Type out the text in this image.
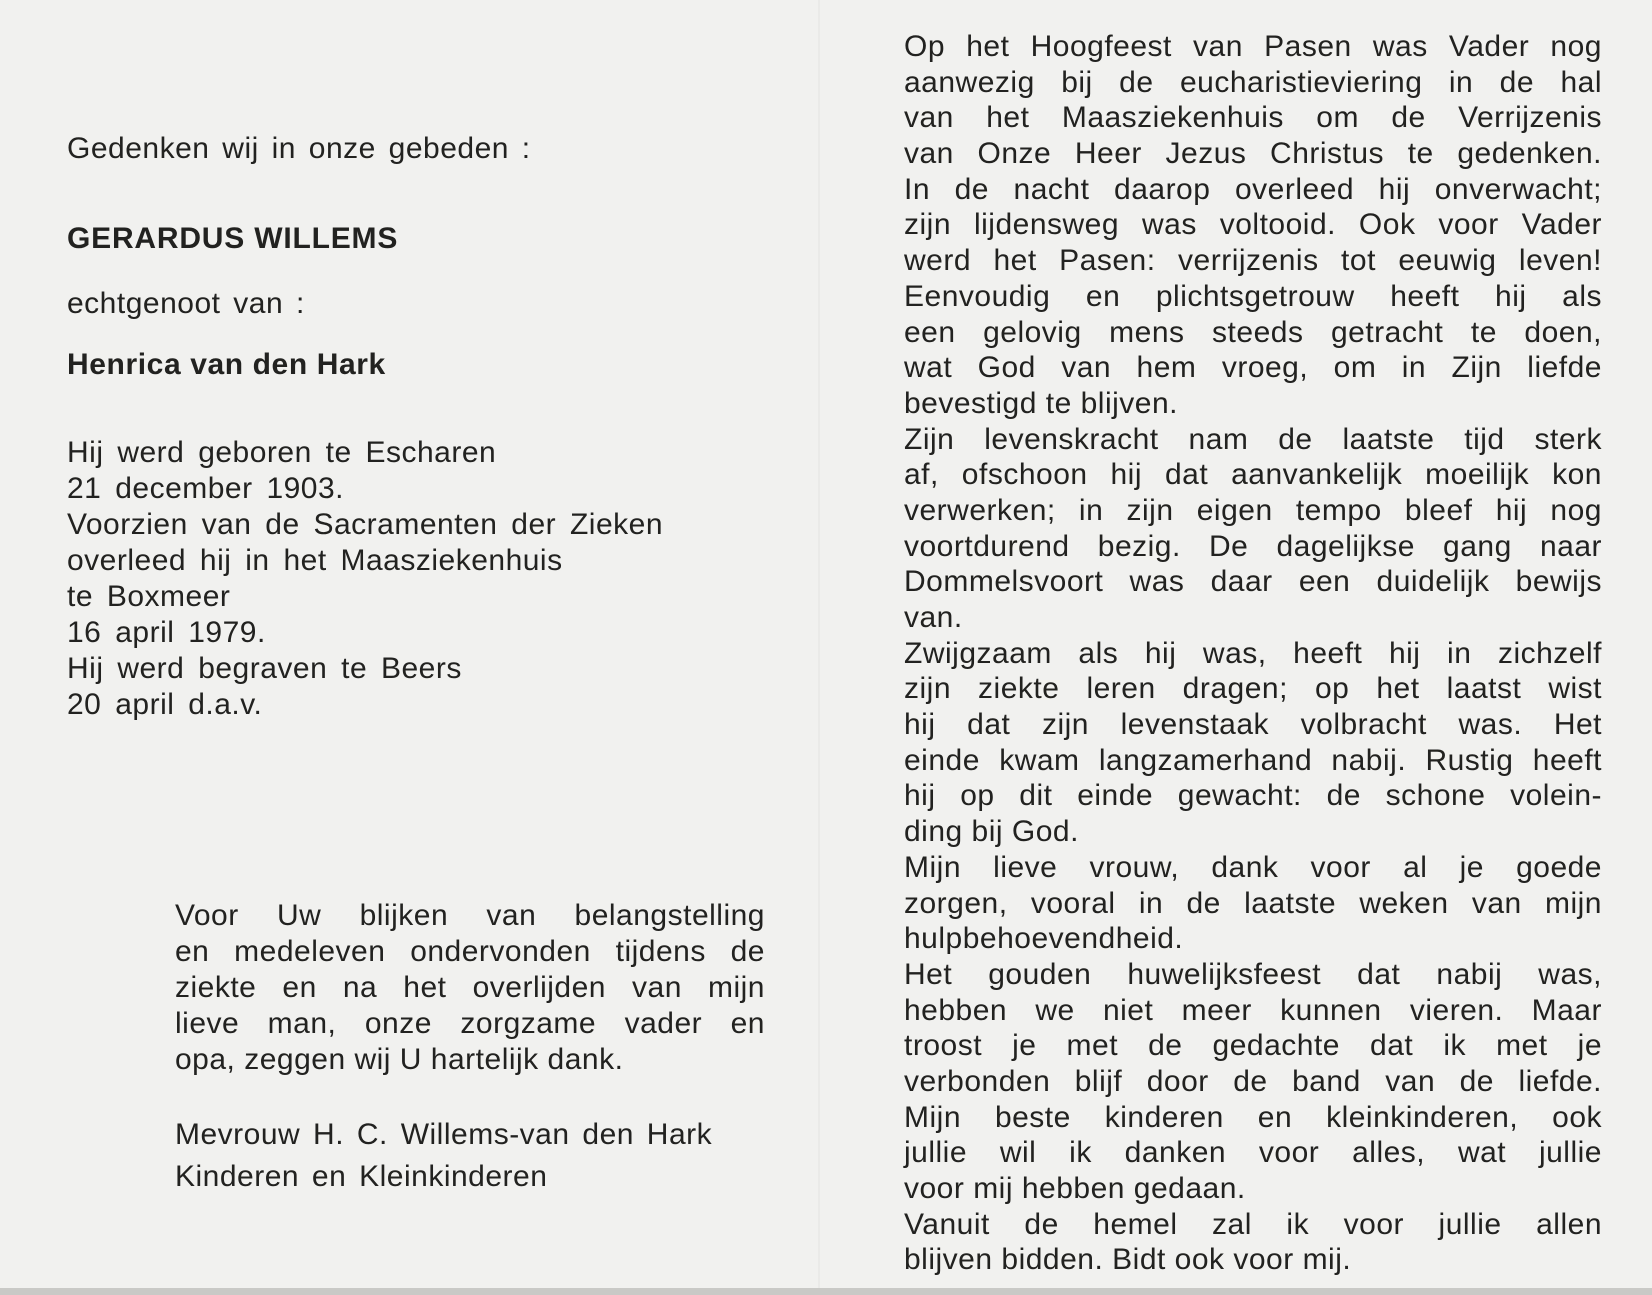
Gedenken wij in onze gebeden :
GERARDUS WILLEMS
echtgenoot van :
Henrica van den Hark
Hij werd geboren te Escharen
21 december 1903.
Voorzien van de Sacramenten der Zieken
overleed hij in het Maasziekenhuis
te Boxmeer
16 april 1979.
Hij werd begraven te Beers
20 april d.a.v.
Voor Uw blijken van belangstelling
en medeleven ondervonden tijdens de
ziekte en na het overlijden van mijn
lieve man, onze zorgzame vader en
opa, zeggen wij U hartelijk dank.
Mevrouw H. C. Willems-van den Hark
Kinderen en Kleinkinderen
Op het Hoogfeest van Pasen was Vader nog
aanwezig bij de eucharistieviering in de hal
van het Maasziekenhuis om de Verrijzenis
van Onze Heer Jezus Christus te gedenken.
In de nacht daarop overleed hij onverwacht;
zijn lijdensweg was voltooid. Ook voor Vader
werd het Pasen: verrijzenis tot eeuwig leven!
Eenvoudig en plichtsgetrouw heeft hij als
een gelovig mens steeds getracht te doen,
wat God van hem vroeg, om in Zijn liefde
bevestigd te blijven.
Zijn levenskracht nam de laatste tijd sterk
af, ofschoon hij dat aanvankelijk moeilijk kon
verwerken; in zijn eigen tempo bleef hij nog
voortdurend bezig. De dagelijkse gang naar
Dommelsvoort was daar een duidelijk bewijs
van.
Zwijgzaam als hij was, heeft hij in zichzelf
zijn ziekte leren dragen; op het laatst wist
hij dat zijn levenstaak volbracht was. Het
einde kwam langzamerhand nabij. Rustig heeft
hij op dit einde gewacht: de schone volein-
ding bij God.
Mijn lieve vrouw, dank voor al je goede
zorgen, vooral in de laatste weken van mijn
hulpbehoevendheid.
Het gouden huwelijksfeest dat nabij was,
hebben we niet meer kunnen vieren. Maar
troost je met de gedachte dat ik met je
verbonden blijf door de band van de liefde.
Mijn beste kinderen en kleinkinderen, ook
jullie wil ik danken voor alles, wat jullie
voor mij hebben gedaan.
Vanuit de hemel zal ik voor jullie allen
blijven bidden. Bidt ook voor mij.
